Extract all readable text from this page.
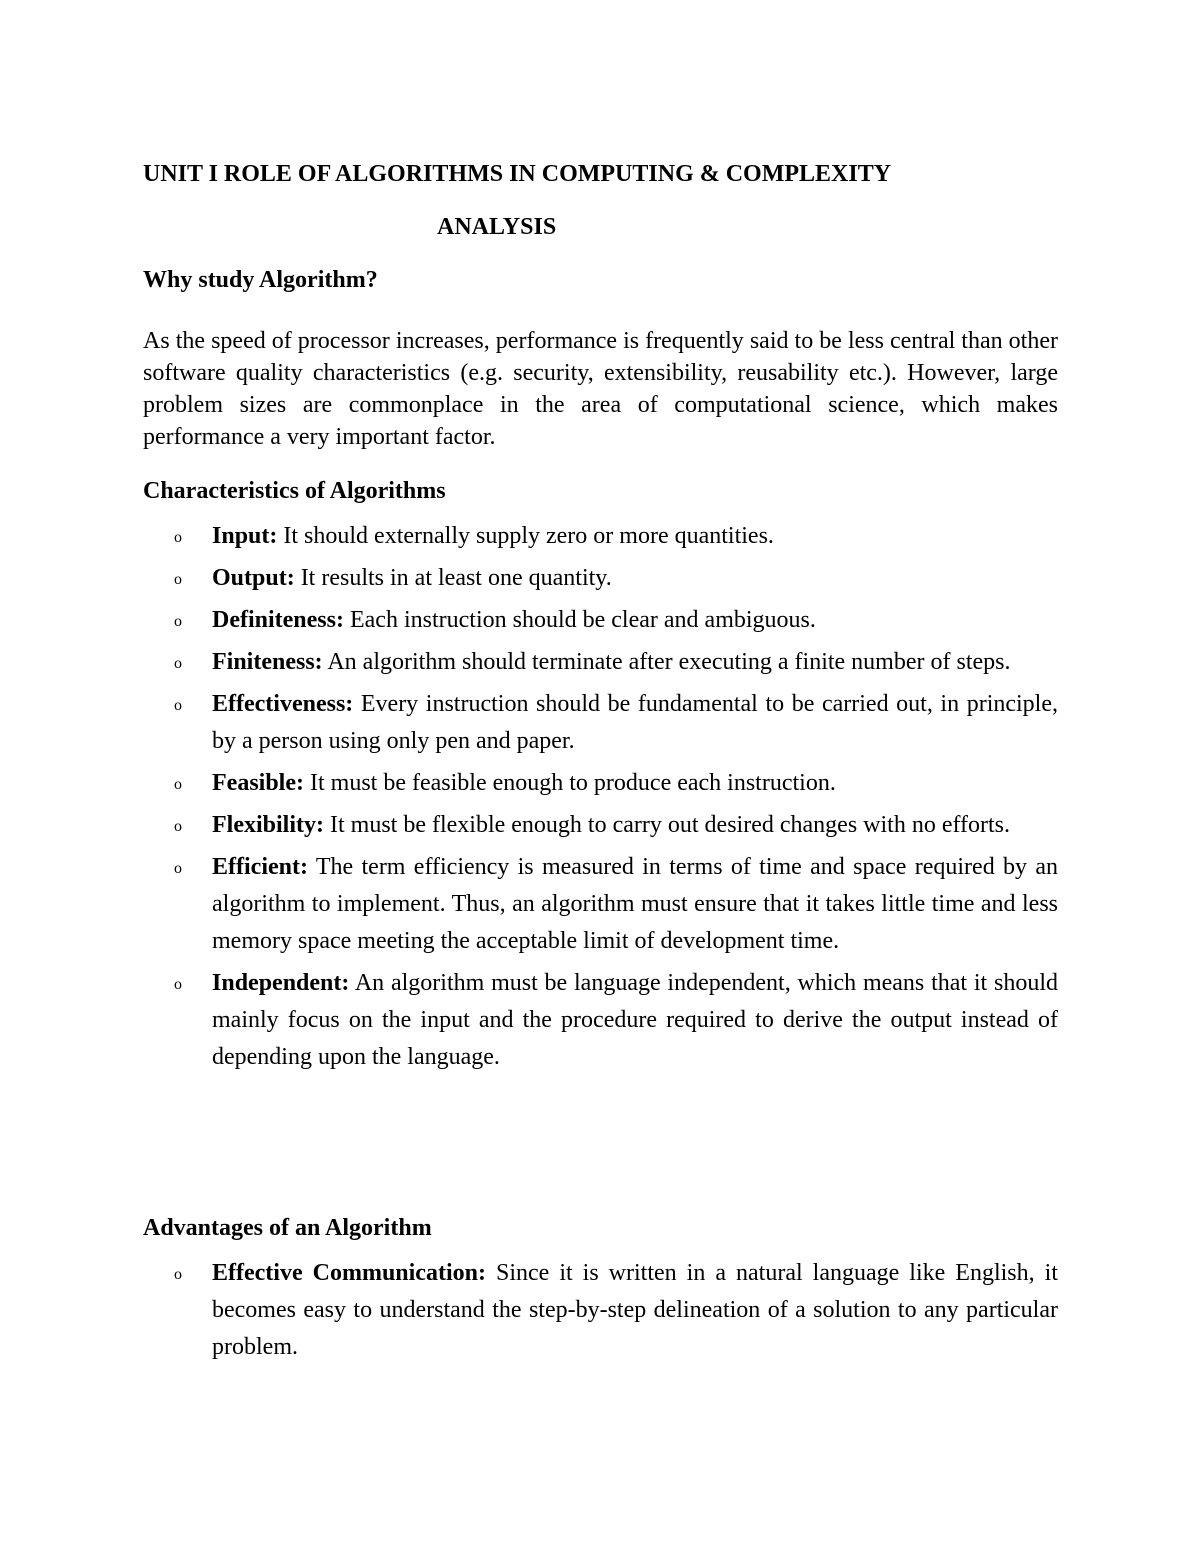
UNIT I ROLE OF ALGORITHMS IN COMPUTING & COMPLEXITY
ANALYSIS
Why study Algorithm?
As the speed of processor increases, performance is frequently said to be less central than other software quality characteristics (e.g. security, extensibility, reusability etc.). However, large problem sizes are commonplace in the area of computational science, which makes performance a very important factor.
Characteristics of Algorithms
o Input: It should externally supply zero or more quantities.
o Output: It results in at least one quantity.
o Definiteness: Each instruction should be clear and ambiguous.
o Finiteness: An algorithm should terminate after executing a finite number of steps.
o Effectiveness: Every instruction should be fundamental to be carried out, in principle, by a person using only pen and paper.
o Feasible: It must be feasible enough to produce each instruction.
o Flexibility: It must be flexible enough to carry out desired changes with no efforts.
o Efficient: The term efficiency is measured in terms of time and space required by an algorithm to implement. Thus, an algorithm must ensure that it takes little time and less memory space meeting the acceptable limit of development time.
o Independent: An algorithm must be language independent, which means that it should mainly focus on the input and the procedure required to derive the output instead of depending upon the language.
Advantages of an Algorithm
o Effective Communication: Since it is written in a natural language like English, it becomes easy to understand the step-by-step delineation of a solution to any particular problem.
